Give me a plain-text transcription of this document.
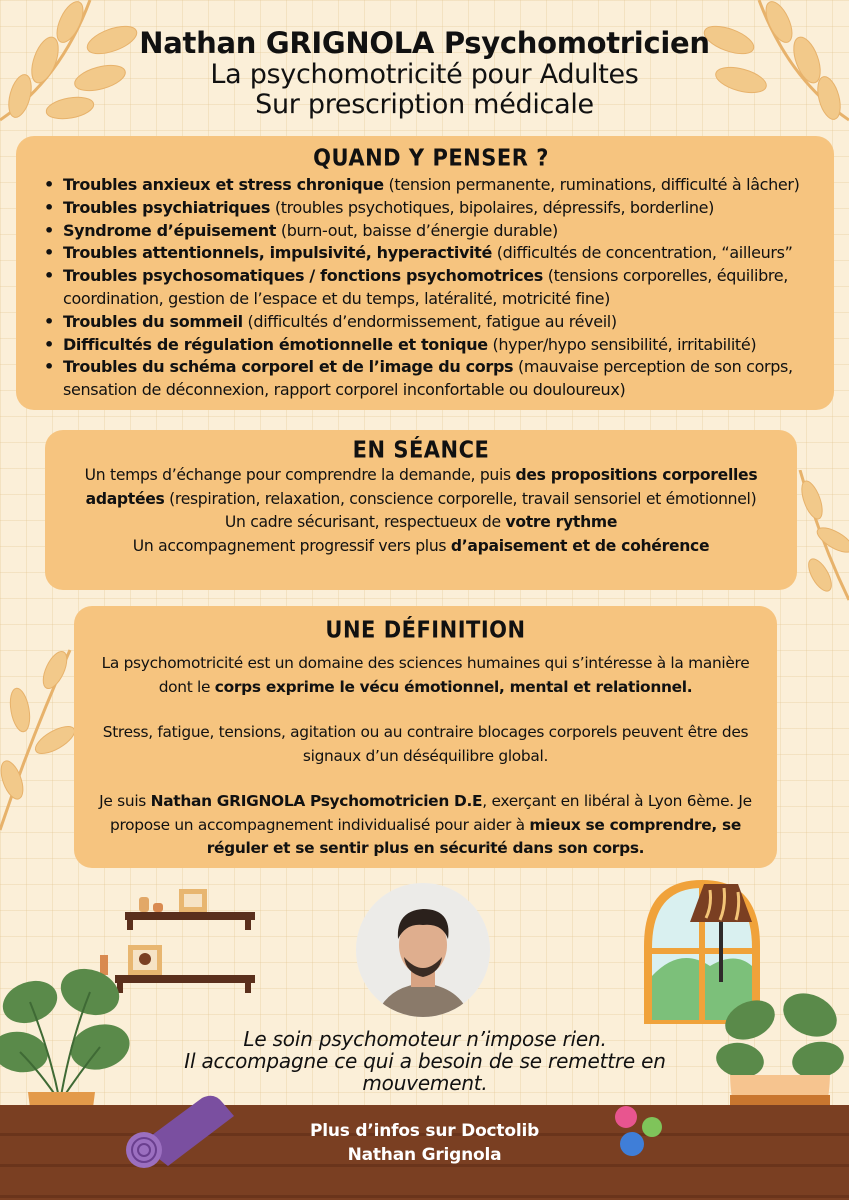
Nathan GRIGNOLA Psychomotricien
La psychomotricité pour Adultes
Sur prescription médicale
QUAND Y PENSER ?
• Troubles anxieux et stress chronique (tension permanente, ruminations, difficulté à lâcher)
• Troubles psychiatriques (troubles psychotiques, bipolaires, dépressifs, borderline)
• Syndrome d’épuisement (burn-out, baisse d’énergie durable)
• Troubles attentionnels, impulsivité, hyperactivité (difficultés de concentration, “ailleurs”
• Troubles psychosomatiques / fonctions psychomotrices (tensions corporelles, équilibre, coordination, gestion de l’espace et du temps, latéralité, motricité fine)
• Troubles du sommeil (difficultés d’endormissement, fatigue au réveil)
• Difficultés de régulation émotionnelle et tonique (hyper/hypo sensibilité, irritabilité)
• Troubles du schéma corporel et de l’image du corps (mauvaise perception de son corps, sensation de déconnexion, rapport corporel inconfortable ou douloureux)
EN SÉANCE

Un temps d’échange pour comprendre la demande, puis des propositions corporelles adaptées (respiration, relaxation, conscience corporelle, travail sensoriel et émotionnel)

Un cadre sécurisant, respectueux de votre rythme

Un accompagnement progressif vers plus d’apaisement et de cohérence

UNE DÉFINITION

La psychomotricité est un domaine des sciences humaines qui s’intéresse à la manière dont le corps exprime le vécu émotionnel, mental et relationnel.

Stress, fatigue, tensions, agitation ou au contraire blocages corporels peuvent être des signaux d’un déséquilibre global.

Je suis Nathan GRIGNOLA Psychomotricien D.E, exerçant en libéral à Lyon 6ème. Je propose un accompagnement individualisé pour aider à mieux se comprendre, se réguler et se sentir plus en sécurité dans son corps.

Le soin psychomoteur n’impose rien.
Il accompagne ce qui a besoin de se remettre en mouvement.
Plus d’infos sur Doctolib
Nathan Grignola
